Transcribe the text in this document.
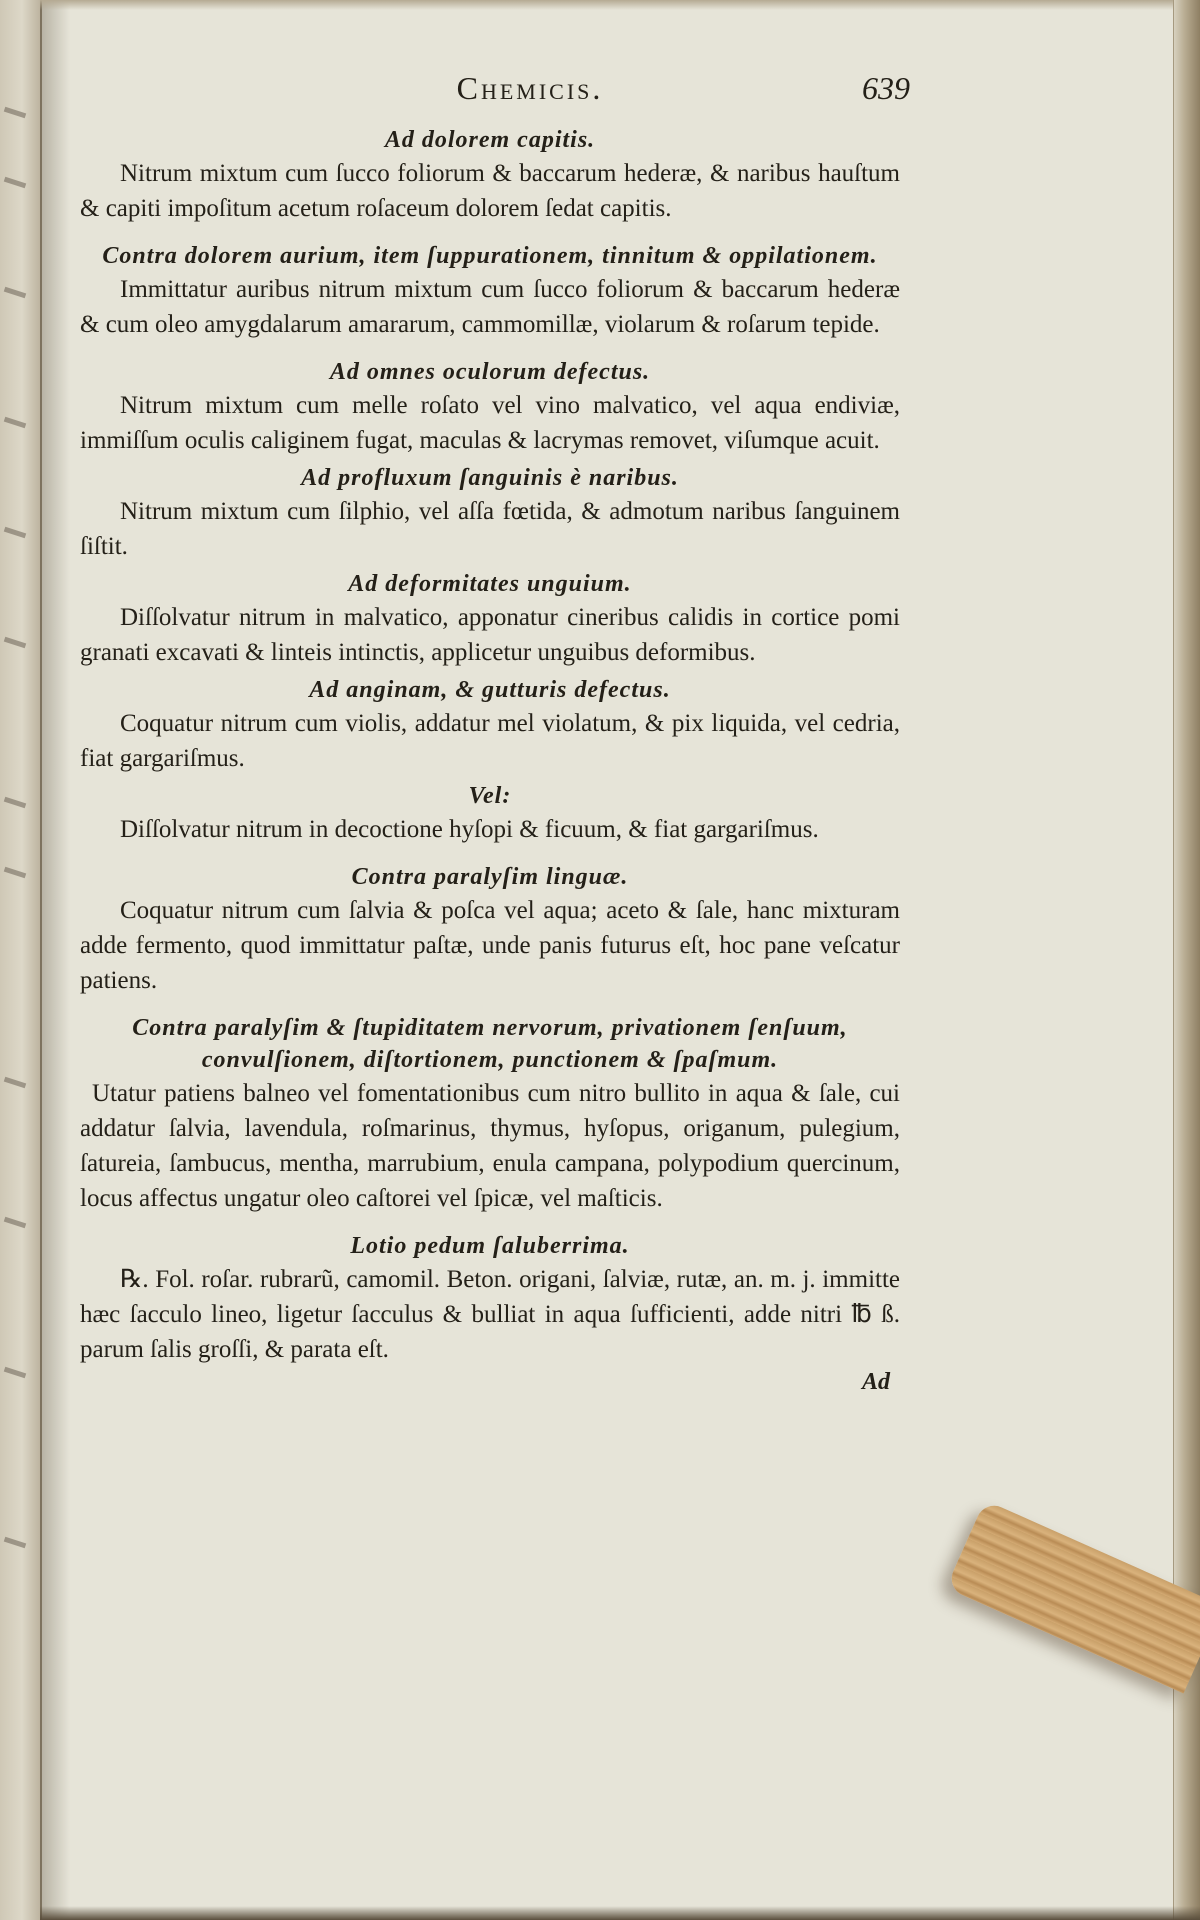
Chemicis.	639
Ad dolorem capitis.

Nitrum mixtum cum ſucco foliorum & baccarum hederæ, & naribus hauſtum & capiti impoſitum acetum roſaceum dolorem ſedat capitis.

Contra dolorem aurium, item ſuppurationem, tinnitum & oppilationem.

Immittatur auribus nitrum mixtum cum ſucco foliorum & baccarum hederæ & cum oleo amygdalarum amararum, cammomillæ, violarum & roſarum tepide.

Ad omnes oculorum defectus.

Nitrum mixtum cum melle roſato vel vino malvatico, vel aqua endiviæ, immiſſum oculis caliginem fugat, maculas & lacrymas removet, viſumque acuit.

Ad profluxum ſanguinis è naribus.

Nitrum mixtum cum ſilphio, vel aſſa fœtida, & admotum naribus ſanguinem ſiſtit.

Ad deformitates unguium.

Diſſolvatur nitrum in malvatico, apponatur cineribus calidis in cortice pomi granati excavati & linteis intinctis, applicetur unguibus deformibus.

Ad anginam, & gutturis defectus.

Coquatur nitrum cum violis, addatur mel violatum, & pix liquida, vel cedria, fiat gargariſmus.

Vel:

Diſſolvatur nitrum in decoctione hyſopi & ficuum, & fiat gargariſmus.

Contra paralyſim linguæ.

Coquatur nitrum cum ſalvia & poſca vel aqua; aceto & ſale, hanc mixturam adde fermento, quod immittatur paſtæ, unde panis futurus eſt, hoc pane veſcatur patiens.

Contra paralyſim & ſtupiditatem nervorum, privationem ſenſuum, convulſionem, diſtortionem, punctionem & ſpaſmum.

Utatur patiens balneo vel fomentationibus cum nitro bullito in aqua & ſale, cui addatur ſalvia, lavendula, roſmarinus, thymus, hyſopus, origanum, pulegium, ſatureia, ſambucus, mentha, marrubium, enula campana, polypodium quercinum, locus affectus ungatur oleo caſtorei vel ſpicæ, vel maſticis.

Lotio pedum ſaluberrima.

℞. Fol. roſar. rubrarũ, camomil. Beton. origani, ſalviæ, rutæ, an. m. j. immitte hæc ſacculo lineo, ligetur ſacculus & bulliat in aqua ſufficienti, adde nitri ℔ ß. parum ſalis groſſi, & parata eſt.

Ad
